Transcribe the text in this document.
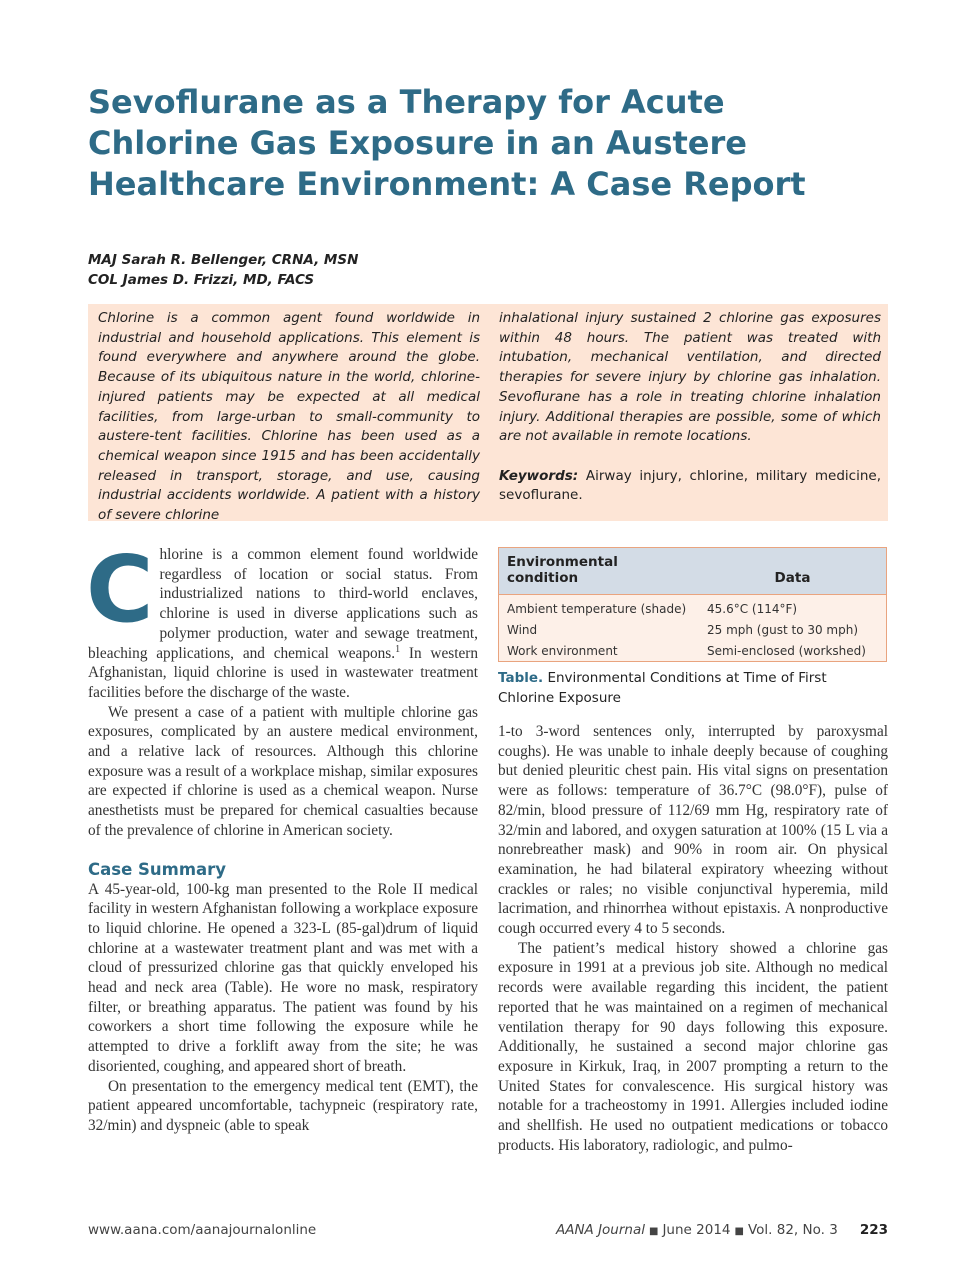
Sevoflurane as a Therapy for Acute Chlorine Gas Exposure in an Austere Healthcare Environment: A Case Report
MAJ Sarah R. Bellenger, CRNA, MSN
COL James D. Frizzi, MD, FACS
Chlorine is a common agent found worldwide in industrial and household applications. This element is found everywhere and anywhere around the globe. Because of its ubiquitous nature in the world, chlorine-injured patients may be expected at all medical facilities, from large-urban to small-community to austere-tent facilities. Chlorine has been used as a chemical weapon since 1915 and has been accidentally released in transport, storage, and use, causing industrial accidents worldwide. A patient with a history of severe chlorine
inhalational injury sustained 2 chlorine gas exposures within 48 hours. The patient was treated with intubation, mechanical ventilation, and directed therapies for severe injury by chlorine gas inhalation. Sevoflurane has a role in treating chlorine inhalation injury. Additional therapies are possible, some of which are not available in remote locations.
Keywords: Airway injury, chlorine, military medicine, sevoflurane.

Chlorine is a common element found worldwide regardless of location or social status. From industrialized nations to third-world enclaves, chlorine is used in diverse applications such as polymer production, water and sewage treatment, bleaching applications, and chemical weapons.$^1$ In western Afghanistan, liquid chlorine is used in wastewater treatment facilities before the discharge of the waste.

We present a case of a patient with multiple chlorine gas exposures, complicated by an austere medical environment, and a relative lack of resources. Although this chlorine exposure was a result of a workplace mishap, similar exposures are expected if chlorine is used as a chemical weapon. Nurse anesthetists must be prepared for chemical casualties because of the prevalence of chlorine in American society.

Case Summary

A 45-year-old, 100-kg man presented to the Role II medical facility in western Afghanistan following a workplace exposure to liquid chlorine. He opened a 323-L (85-gal)drum of liquid chlorine at a wastewater treatment plant and was met with a cloud of pressurized chlorine gas that quickly enveloped his head and neck area (Table). He wore no mask, respiratory filter, or breathing apparatus. The patient was found by his coworkers a short time following the exposure while he attempted to drive a forklift away from the site; he was disoriented, coughing, and appeared short of breath.

On presentation to the emergency medical tent (EMT), the patient appeared uncomfortable, tachypneic (respiratory rate, 32/min) and dyspneic (able to speak

Environmental condition	Data
Ambient temperature (shade)	45.6°C (114°F)
Wind	25 mph (gust to 30 mph)
Work environment	Semi-enclosed (workshed)
Table. Environmental Conditions at Time of First Chlorine Exposure

1-to 3-word sentences only, interrupted by paroxysmal coughs). He was unable to inhale deeply because of coughing but denied pleuritic chest pain. His vital signs on presentation were as follows: temperature of 36.7°C (98.0°F), pulse of 82/min, blood pressure of 112/69 mm Hg, respiratory rate of 32/min and labored, and oxygen saturation at 100% (15 L via a nonrebreather mask) and 90% in room air. On physical examination, he had bilateral expiratory wheezing without crackles or rales; no visible conjunctival hyperemia, mild lacrimation, and rhinorrhea without epistaxis. A nonproductive cough occurred every 4 to 5 seconds.

The patient’s medical history showed a chlorine gas exposure in 1991 at a previous job site. Although no medical records were available regarding this incident, the patient reported that he was maintained on a regimen of mechanical ventilation therapy for 90 days following this exposure. Additionally, he sustained a second major chlorine gas exposure in Kirkuk, Iraq, in 2007 prompting a return to the United States for convalescence. His surgical history was notable for a tracheostomy in 1991. Allergies included iodine and shellfish. He used no outpatient medications or tobacco products. His laboratory, radiologic, and pulmo-

www.aana.com/aanajournalonline	AANA Journal ■ June 2014 ■ Vol. 82, No. 3 223
